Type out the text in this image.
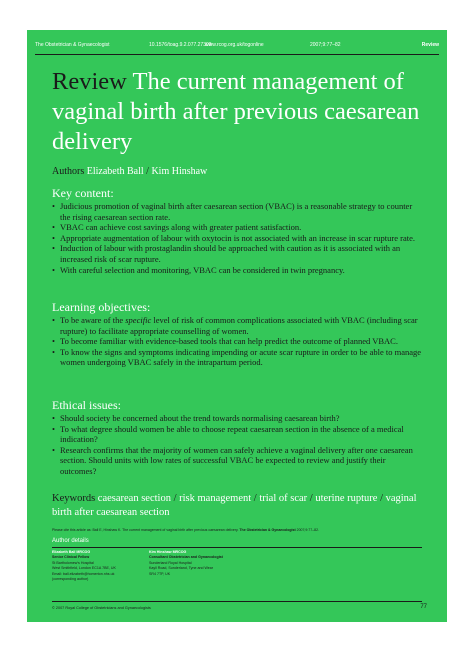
The Obstetrician & Gynaecologist	10.1576/toag.9.2.077.27309
www.rcog.org.uk/togonline	2007;9:77–82	Review
Review The current management of vaginal birth after previous caesarean delivery
Authors Elizabeth Ball / Kim Hinshaw
Key content:
• Judicious promotion of vaginal birth after caesarean section (VBAC) is a reasonable strategy to counter the rising caesarean section rate.
• VBAC can achieve cost savings along with greater patient satisfaction.
• Appropriate augmentation of labour with oxytocin is not associated with an increase in scar rupture rate.
• Induction of labour with prostaglandin should be approached with caution as it is associated with an increased risk of scar rupture.
• With careful selection and monitoring, VBAC can be considered in twin pregnancy.
Learning objectives:
• To be aware of the specific level of risk of common complications associated with VBAC (including scar rupture) to facilitate appropriate counselling of women.
• To become familiar with evidence-based tools that can help predict the outcome of planned VBAC.
• To know the signs and symptoms indicating impending or acute scar rupture in order to be able to manage women undergoing VBAC safely in the intrapartum period.
Ethical issues:
• Should society be concerned about the trend towards normalising caesarean birth?
• To what degree should women be able to choose repeat caesarean section in the absence of a medical indication?
• Research confirms that the majority of women can safely achieve a vaginal delivery after one caesarean section. Should units with low rates of successful VBAC be expected to review and justify their outcomes?
Keywords caesarean section / risk management / trial of scar / uterine rupture / vaginal birth after caesarean section
Please cite this article as: Ball E, Hinshaw K. The current management of vaginal birth after previous caesarean delivery. The Obstetrician & Gynaecologist 2007;9:77–82.
Author details
Elizabeth Ball MRCOG
Senior Clinical Fellow
St Bartholomew's Hospital
West Smithfield, London EC1A 7BE, UK
Email: ball.elizabeth@homerton.nhs.uk
(corresponding author)
Kim Hinshaw MRCOG
Consultant Obstetrician and Gynaecologist
Sunderland Royal Hospital
Kayll Road, Sunderland, Tyne and Wear
SR4 7TP, UK
© 2007 Royal College of Obstetricians and Gynaecologists	77
